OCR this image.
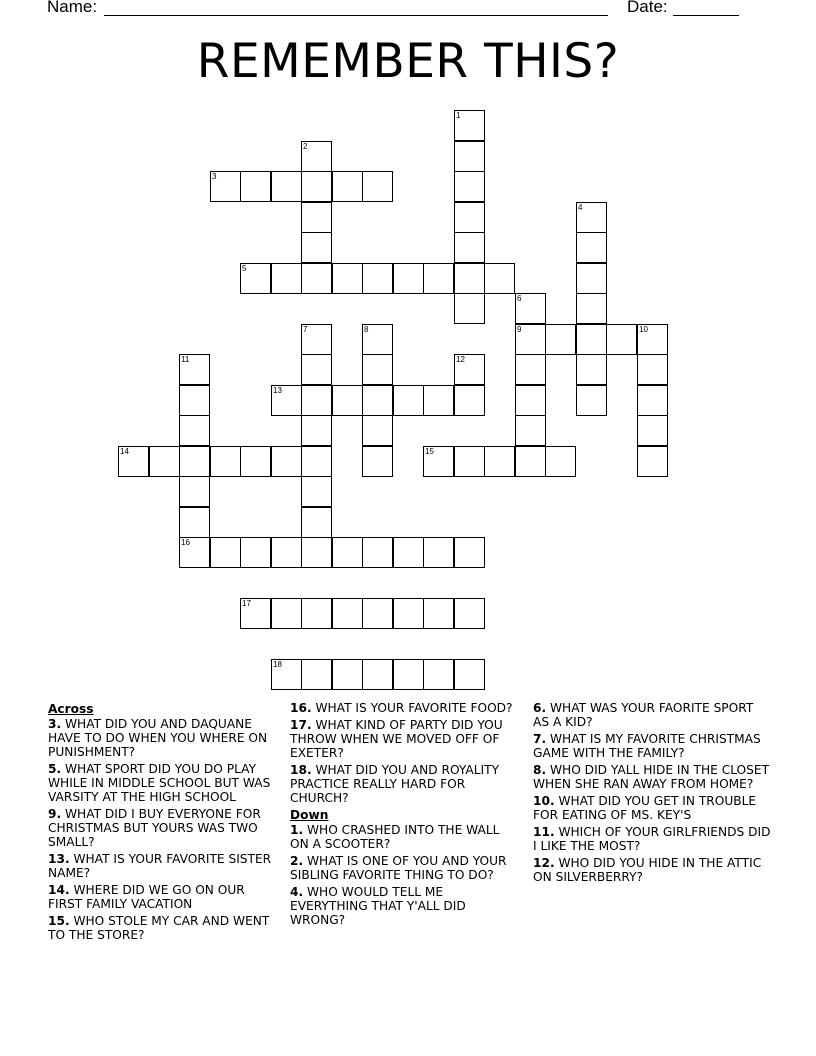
Name:	Date:
REMEMBER THIS?
1
2
3
4
5
6
9
7	8	10
11
16
12
13
14	15
17
18
Across
3. WHAT DID YOU AND DAQUANE HAVE TO DO WHEN YOU WHERE ON PUNISHMENT?
5. WHAT SPORT DID YOU DO PLAY WHILE IN MIDDLE SCHOOL BUT WAS VARSITY AT THE HIGH SCHOOL
9. WHAT DID I BUY EVERYONE FOR CHRISTMAS BUT YOURS WAS TWO SMALL?
13. WHAT IS YOUR FAVORITE SISTER NAME?
14. WHERE DID WE GO ON OUR FIRST FAMILY VACATION
15. WHO STOLE MY CAR AND WENT TO THE STORE?
16. WHAT IS YOUR FAVORITE FOOD?
17. WHAT KIND OF PARTY DID YOU THROW WHEN WE MOVED OFF OF EXETER?
18. WHAT DID YOU AND ROYALITY PRACTICE REALLY HARD FOR CHURCH?
Down
1. WHO CRASHED INTO THE WALL ON A SCOOTER?
2. WHAT IS ONE OF YOU AND YOUR SIBLING FAVORITE THING TO DO?
4. WHO WOULD TELL ME EVERYTHING THAT Y'ALL DID WRONG?
6. WHAT WAS YOUR FAORITE SPORT AS A KID?
7. WHAT IS MY FAVORITE CHRISTMAS GAME WITH THE FAMILY?
8. WHO DID YALL HIDE IN THE CLOSET WHEN SHE RAN AWAY FROM HOME?
10. WHAT DID YOU GET IN TROUBLE FOR EATING OF MS. KEY'S
11. WHICH OF YOUR GIRLFRIENDS DID I LIKE THE MOST?
12. WHO DID YOU HIDE IN THE ATTIC ON SILVERBERRY?
